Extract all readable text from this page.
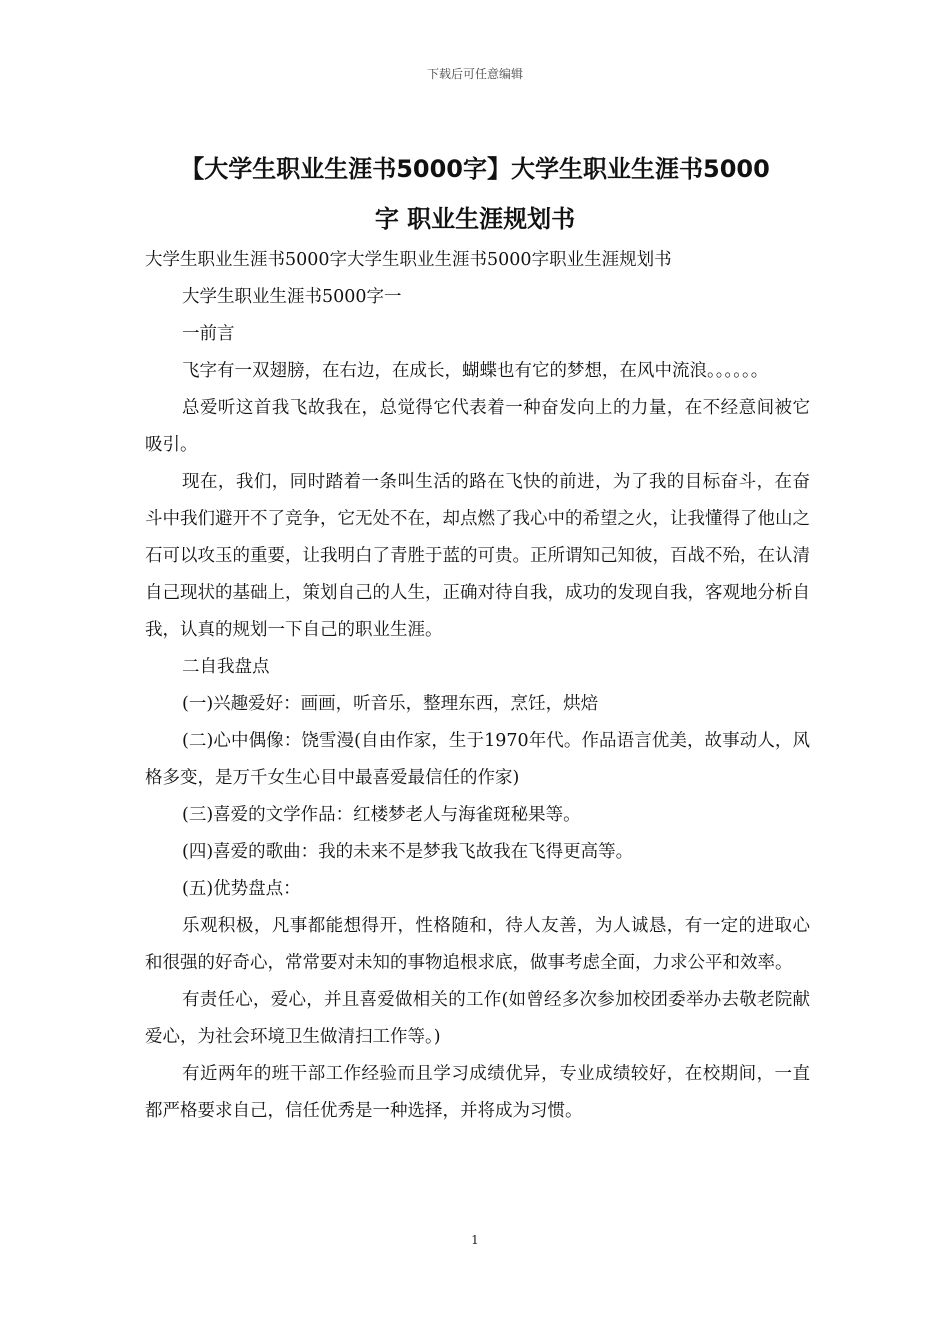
下载后可任意编辑
【大学生职业生涯书5000字】大学生职业生涯书5000
字 职业生涯规划书

大学生职业生涯书5000字大学生职业生涯书5000字职业生涯规划书

大学生职业生涯书5000字一

一前言

飞字有一双翅膀，在右边，在成长，蝴蝶也有它的梦想，在风中流浪。。。。。。

总爱听这首我飞故我在，总觉得它代表着一种奋发向上的力量，在不经意间被它吸引。

现在，我们，同时踏着一条叫生活的路在飞快的前进，为了我的目标奋斗，在奋斗中我们避开不了竞争，它无处不在，却点燃了我心中的希望之火，让我懂得了他山之石可以攻玉的重要，让我明白了青胜于蓝的可贵。正所谓知己知彼，百战不殆，在认清自己现状的基础上，策划自己的人生，正确对待自我，成功的发现自我，客观地分析自我，认真的规划一下自己的职业生涯。

二自我盘点

(一)兴趣爱好：画画，听音乐，整理东西，烹饪，烘焙

(二)心中偶像：饶雪漫(自由作家，生于1970年代。作品语言优美，故事动人，风格多变，是万千女生心目中最喜爱最信任的作家)

(三)喜爱的文学作品：红楼梦老人与海雀斑秘果等。

(四)喜爱的歌曲：我的未来不是梦我飞故我在飞得更高等。

(五)优势盘点：

乐观积极，凡事都能想得开，性格随和，待人友善，为人诚恳，有一定的进取心和很强的好奇心，常常要对未知的事物追根求底，做事考虑全面，力求公平和效率。

有责任心，爱心，并且喜爱做相关的工作(如曾经多次参加校团委举办去敬老院献爱心，为社会环境卫生做清扫工作等。)

有近两年的班干部工作经验而且学习成绩优异，专业成绩较好，在校期间，一直都严格要求自己，信任优秀是一种选择，并将成为习惯。

1
